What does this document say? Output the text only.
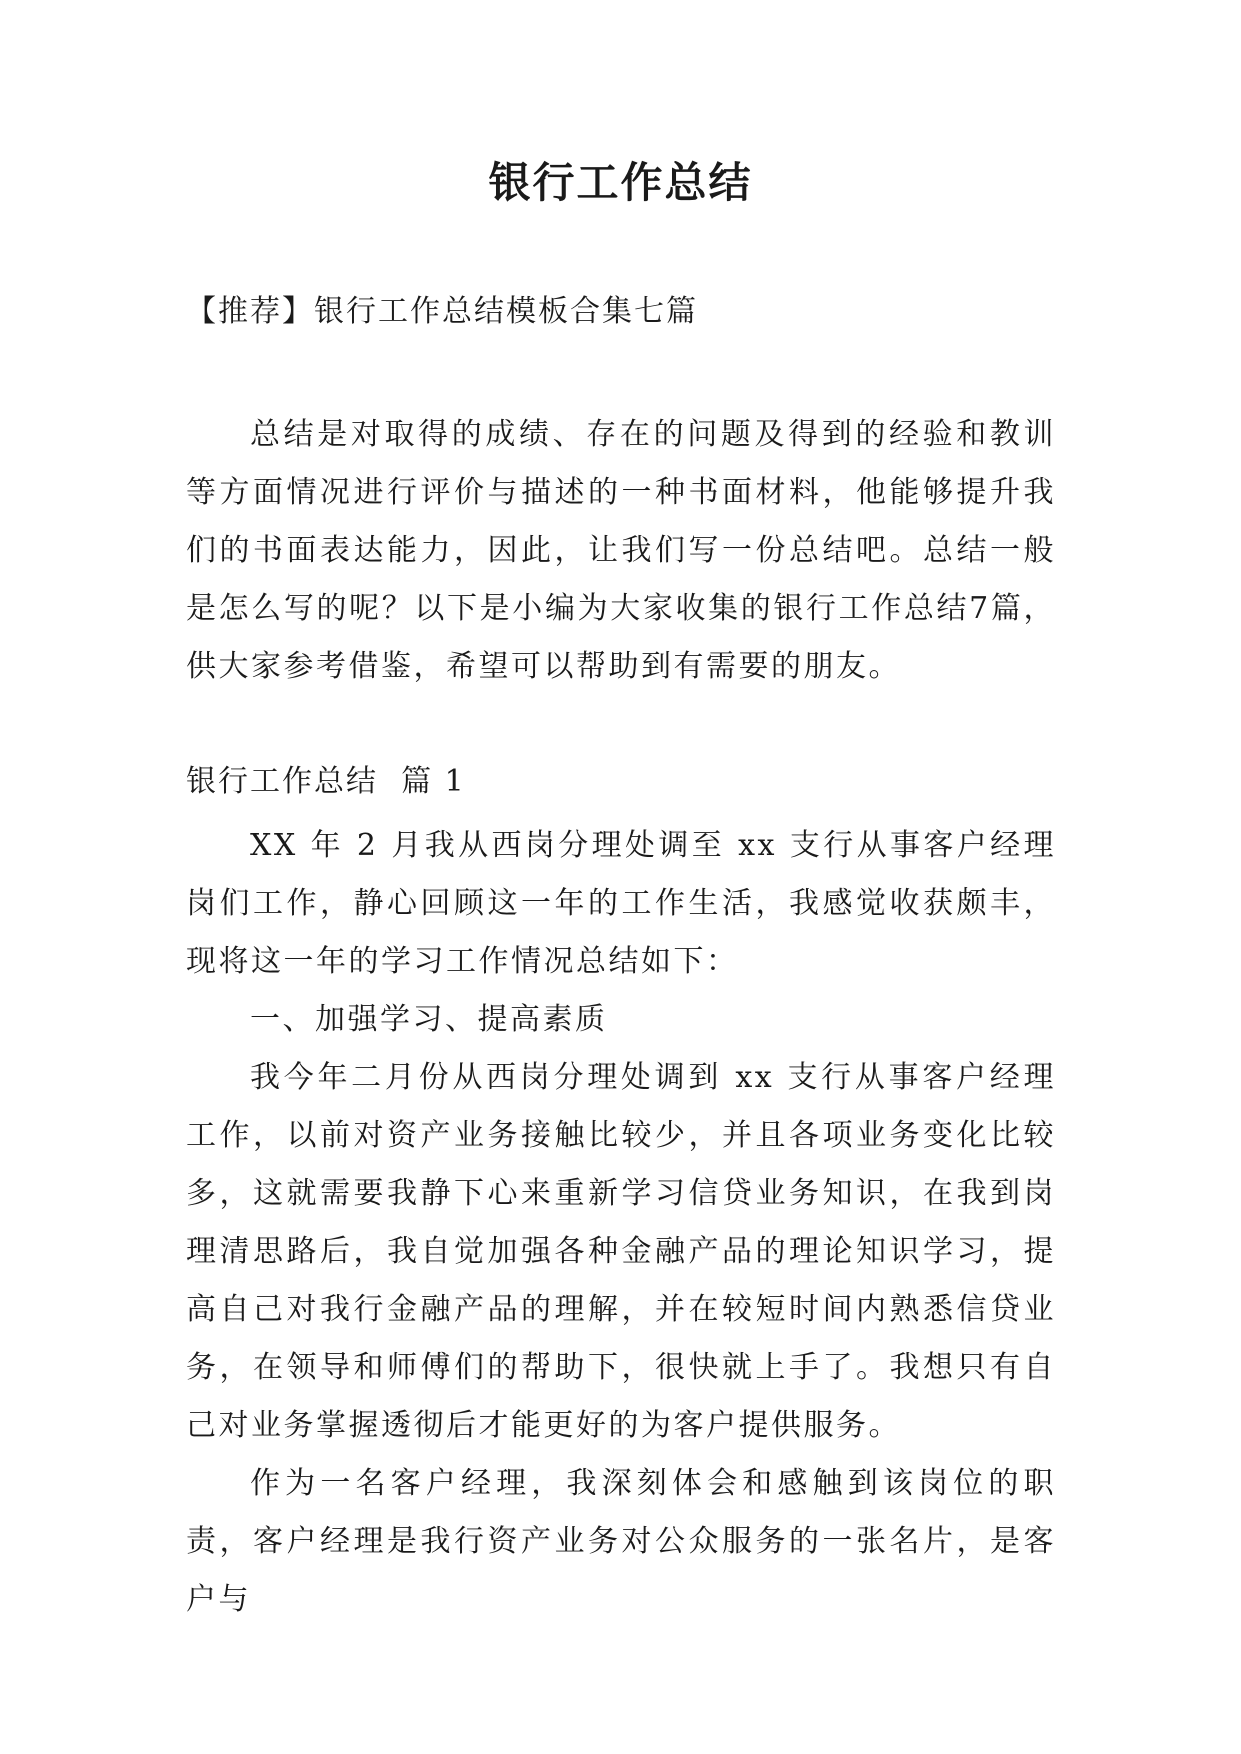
银行工作总结

【推荐】银行工作总结模板合集七篇

总结是对取得的成绩、存在的问题及得到的经验和教训等方面情况进行评价与描述的一种书面材料，他能够提升我们的书面表达能力，因此，让我们写一份总结吧。总结一般是怎么写的呢？以下是小编为大家收集的银行工作总结7篇，供大家参考借鉴，希望可以帮助到有需要的朋友。

银行工作总结  篇 1

XX 年 2 月我从西岗分理处调至 xx 支行从事客户经理岗们工作，静心回顾这一年的工作生活，我感觉收获颇丰，现将这一年的学习工作情况总结如下：

一、加强学习、提高素质

我今年二月份从西岗分理处调到 xx 支行从事客户经理工作，以前对资产业务接触比较少，并且各项业务变化比较多，这就需要我静下心来重新学习信贷业务知识，在我到岗理清思路后，我自觉加强各种金融产品的理论知识学习，提高自己对我行金融产品的理解，并在较短时间内熟悉信贷业务，在领导和师傅们的帮助下，很快就上手了。我想只有自己对业务掌握透彻后才能更好的为客户提供服务。

作为一名客户经理，我深刻体会和感触到该岗位的职责，客户经理是我行资产业务对公众服务的一张名片，是客户与
